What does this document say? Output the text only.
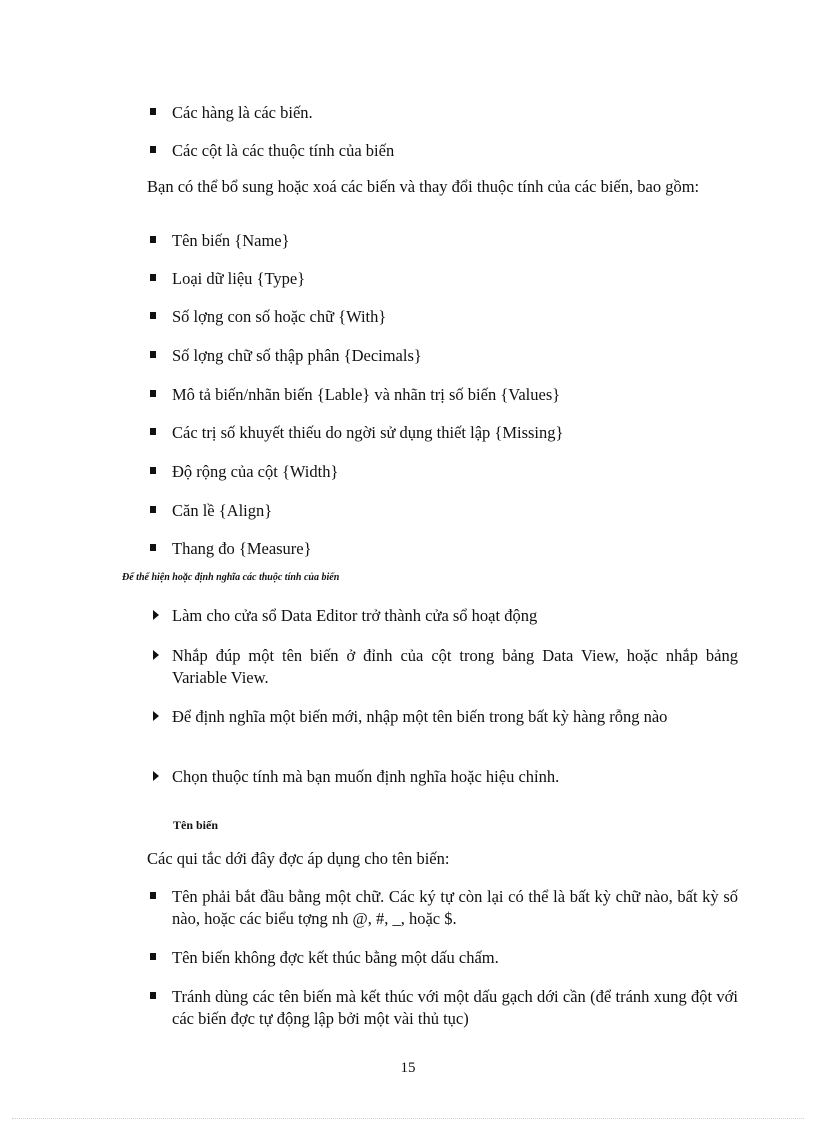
Các hàng là các biến.
Các cột là các thuộc tính của biến
Bạn có thể bổ sung hoặc xoá các biến và thay đổi thuộc tính của các biến, bao gồm:
Tên biến {Name}
Loại dữ liệu {Type}
Số lợng con số hoặc chữ {With}
Số lợng chữ số thập phân {Decimals}
Mô tả biến/nhãn biến {Lable} và nhãn trị số biến {Values}
Các trị số khuyết thiếu do ngời sử dụng thiết lập {Missing}
Độ rộng của cột {Width}
Căn lề {Align}
Thang đo {Measure}
Để thể hiện hoặc định nghĩa các thuộc tính của biến
Làm cho cửa sổ Data Editor trở thành cửa sổ hoạt động
Nhắp đúp một tên biến ở đỉnh của cột trong bảng Data View, hoặc nhắp bảng Variable View.
Để định nghĩa một biến mới, nhập một tên biến trong bất kỳ hàng rỗng nào
Chọn thuộc tính mà bạn muốn định nghĩa hoặc hiệu chỉnh.
Tên biến
Các qui tắc dới đây đợc áp dụng cho tên biến:
Tên phải bắt đầu bằng một chữ. Các ký tự còn lại có thể là bất kỳ chữ nào, bất kỳ số nào, hoặc các biểu tợng nh @, #, _, hoặc $.
Tên biến không đợc kết thúc bằng một dấu chấm.
Tránh dùng các tên biến mà kết thúc với một dấu gạch dới cần (để tránh xung đột với các biến đợc tự động lập bởi một vài thủ tục)
15
